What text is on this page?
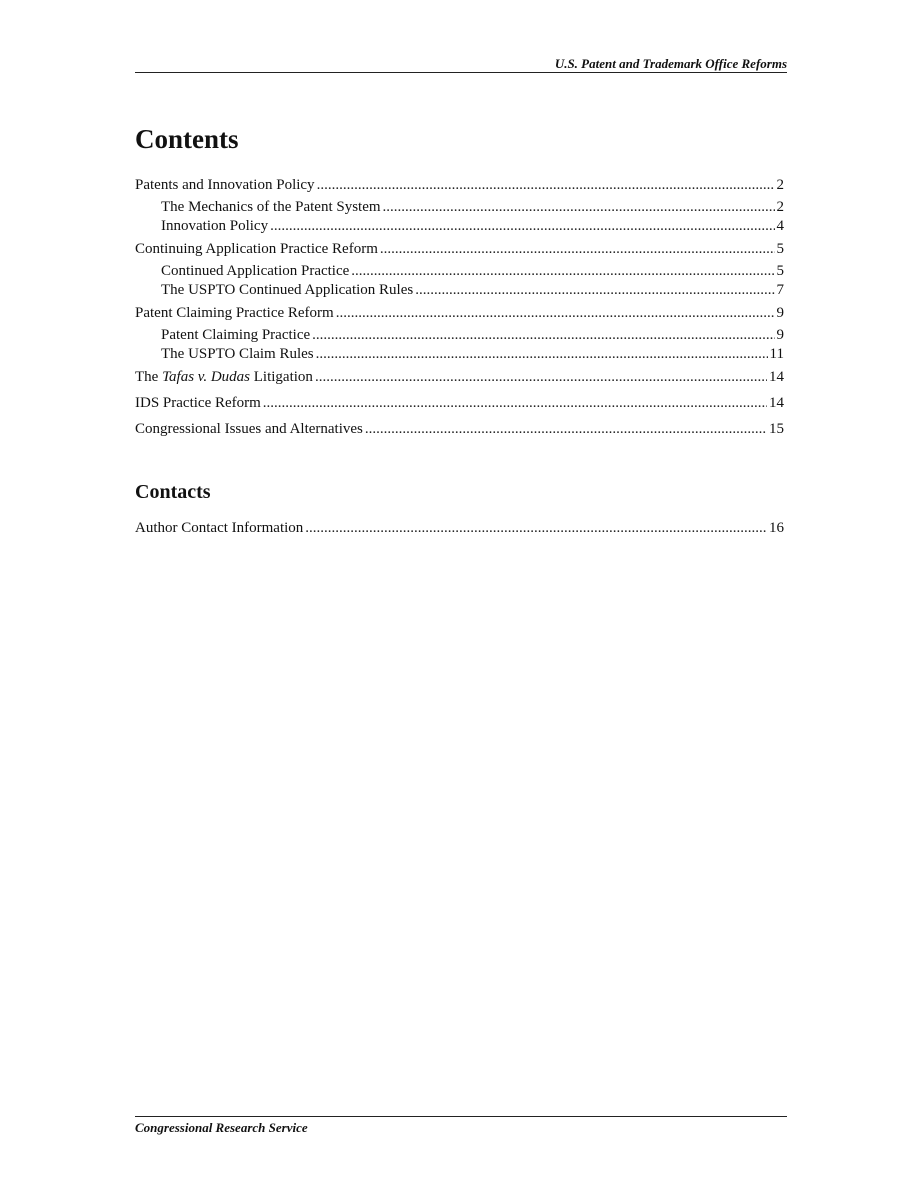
U.S. Patent and Trademark Office Reforms
Contents
Patents and Innovation Policy .....	2
The Mechanics of the Patent System .....	2
Innovation Policy .....	4
Continuing Application Practice Reform .....	5
Continued Application Practice .....	5
The USPTO Continued Application Rules .....	7
Patent Claiming Practice Reform .....	9
Patent Claiming Practice .....	9
The USPTO Claim Rules .....	11
The Tafas v. Dudas Litigation .....	14
IDS Practice Reform .....	14
Congressional Issues and Alternatives .....	15
Contacts
Author Contact Information .....	16
Congressional Research Service
